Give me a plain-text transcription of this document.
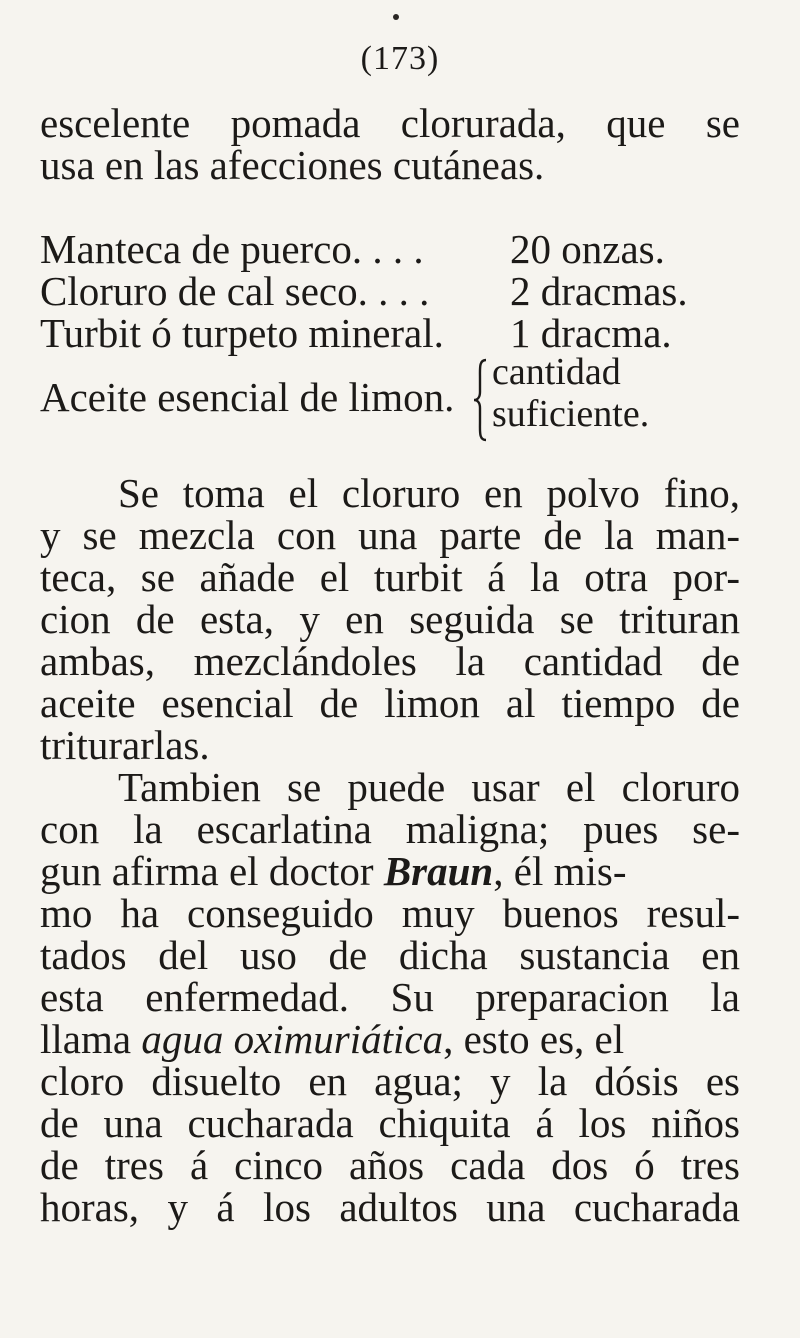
(173)
escelente pomada clorurada, que se
usa en las afecciones cutáneas.
Manteca de puerco. . . . 20 onzas.
Cloruro de cal seco. . . . 2 dracmas.
Turbit ó turpeto mineral. 1 dracma.
Aceite esencial de limon.
cantidad
suficiente.
Se toma el cloruro en polvo fino,
y se mezcla con una parte de la man-
teca, se añade el turbit á la otra por-
cion de esta, y en seguida se trituran
ambas, mezclándoles la cantidad de
aceite esencial de limon al tiempo de
triturarlas.
Tambien se puede usar el cloruro
con la escarlatina maligna; pues se-
gun afirma el doctor Braun, él mis-
mo ha conseguido muy buenos resul-
tados del uso de dicha sustancia en
esta enfermedad. Su preparacion la
llama agua oximuriática, esto es, el
cloro disuelto en agua; y la dósis es
de una cucharada chiquita á los niños
de tres á cinco años cada dos ó tres
horas, y á los adultos una cucharada
